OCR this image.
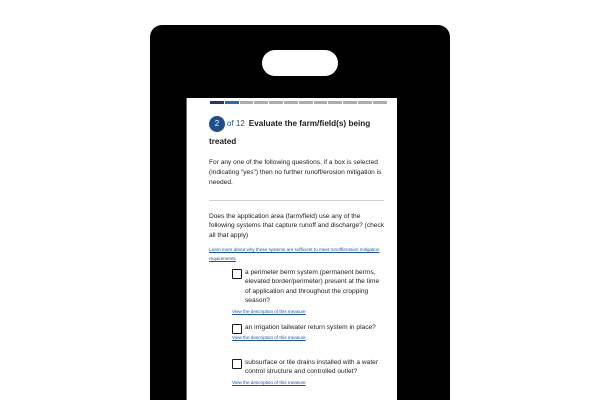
2 of 12 Evaluate the farm/field(s) being treated

For any one of the following questions, if a box is selected (indicating "yes") then no further runoff/erosion mitigation is needed.

Does the application area (farm/field) use any of the following systems that capture runoff and discharge? (check all that apply)

Learn more about why these systems are sufficient to meet runoff/erosion mitigation requirements
a perimeter berm system (permanent berms, elevated border/perimeter) present at the time of application and throughout the cropping season?
View the description of this measure
an irrigation tailwater return system in place?
View the description of this measure
subsurface or tile drains installed with a water control structure and controlled outlet?
View the description of this measure
